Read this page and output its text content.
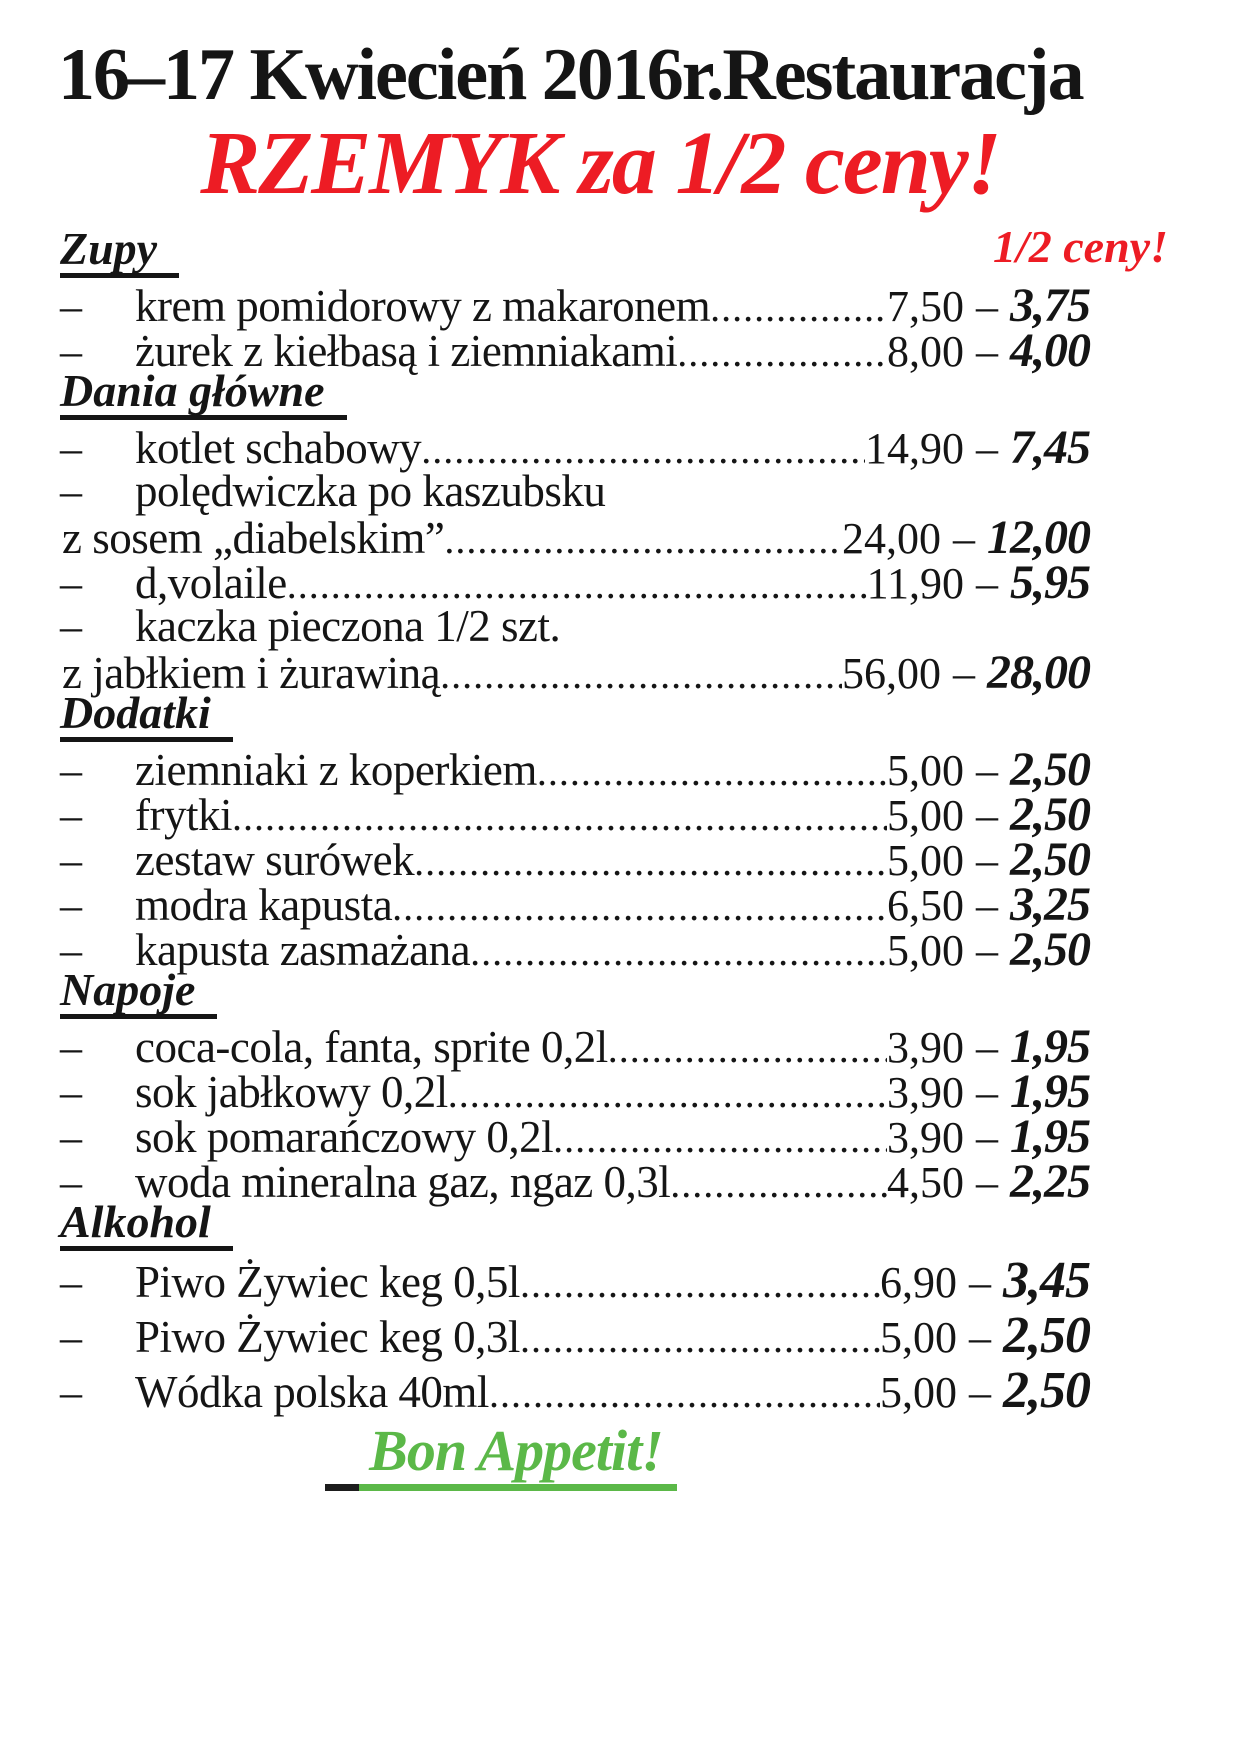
16–17 Kwiecień 2016r.Restauracja
RZEMYK za 1/2 ceny!
Zupy	1/2 ceny!
–	krem pomidorowy z makaronem .....	7,50 – 3,75
–	żurek z kiełbasą i ziemniakami .....	8,00 – 4,00
Dania główne
–	kotlet schabowy .....	14,90 – 7,45
–	polędwiczka po kaszubsku
z sosem „diabelskim” .....	24,00 – 12,00
–	d,volaile .....	11,90 – 5,95
–	kaczka pieczona 1/2 szt.
z jabłkiem i żurawiną .....	56,00 – 28,00
Dodatki
–	ziemniaki z koperkiem .....	5,00 – 2,50
–	frytki .....	5,00 – 2,50
–	zestaw surówek .....	5,00 – 2,50
–	modra kapusta .....	6,50 – 3,25
–	kapusta zasmażana .....	5,00 – 2,50
Napoje
–	coca-cola, fanta, sprite 0,2l .....	3,90 – 1,95
–	sok jabłkowy 0,2l .....	3,90 – 1,95
–	sok pomarańczowy 0,2l .....	3,90 – 1,95
–	woda mineralna gaz, ngaz 0,3l .....	4,50 – 2,25
Alkohol
–	Piwo Żywiec keg 0,5l .....	6,90 – 3,45
–	Piwo Żywiec keg 0,3l .....	5,00 – 2,50
–	Wódka polska 40ml .....	5,00 – 2,50
Bon Appetit!
